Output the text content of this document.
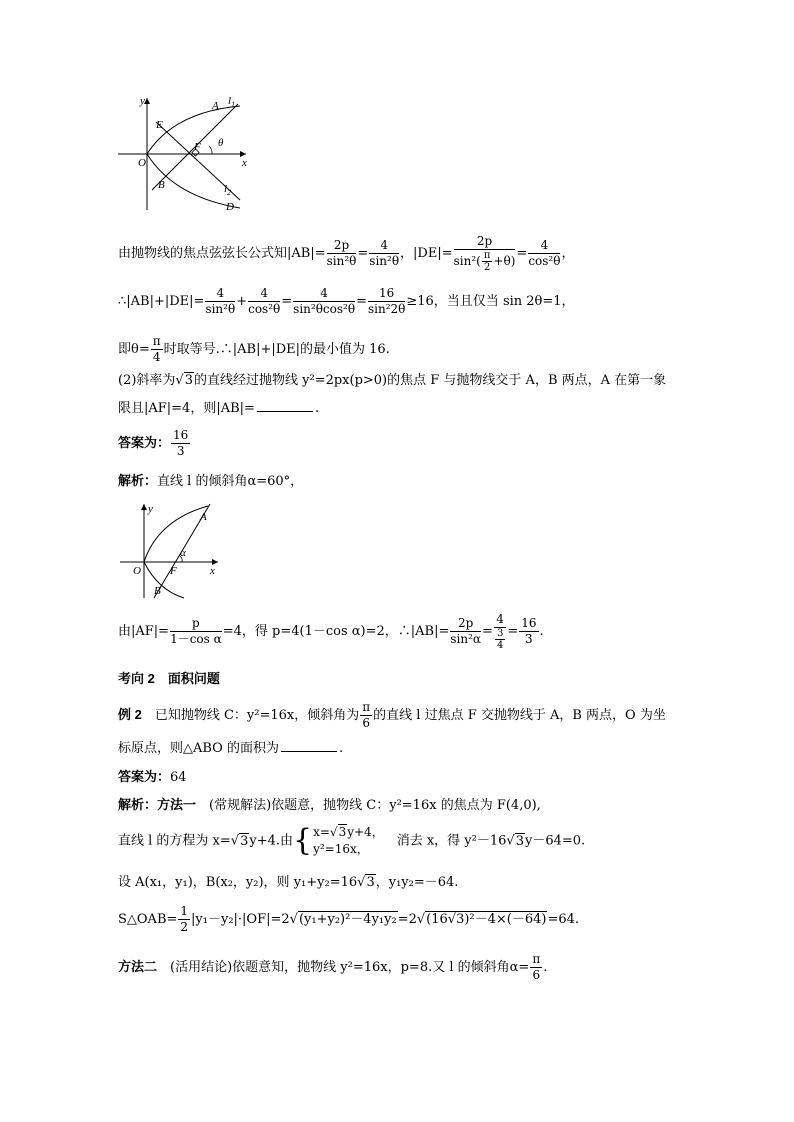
y
x
O
A $l_1$
E
F θ
B	$l_2$
D
由抛物线的焦点弦弦长公式知$|AB|= \frac{2p}{\text{sin²θ}} = \frac{4}{\text{sin²θ}}$ ，$|DE|= \frac{2p}{\sin^2( \frac{\pi}{2} +\theta)} = \frac{4}{\text{cos²θ}}$ ，
∴|AB|+|DE|= $\frac{4}{\text{sin²θ}} + \frac{4}{\text{cos²θ}} = \frac{4}{\text{sin²θcos²θ}} = \frac{16}{\text{sin²2θ}} \ge 16$，当且仅当 sin 2θ=1，
即$\theta= \frac{\pi}{4}$ 时取等号.∴|AB|+|DE|的最小值为 16.
(2)斜率为√3的直线经过抛物线 y²=2px(p>0)的焦点 F 与抛物线交于 A，B 两点，A 在第一象
限且|AF|=4，则|AB|=	.
答案为： $\frac{16}{3}$
解析：直线 l 的倾斜角α=60°，
y
x
O
A
F
α
B
由$|AF|= \frac{p}{\text{1－cos α}} =4$，得 p=4(1－cos α)=2，∴|AB|= $\frac{2p}{\text{sin²α}} = 4$
3
$4 = \frac{16}{3}$ .
考向 2　面积问题
例 2　已知抛物线 C：y²=16x，倾斜角为 $\frac{\pi}{6}$ 的直线 l 过焦点 F 交抛物线于 A，B 两点，O 为坐
标原点，则△ABO 的面积为	.
答案为：64
解析：方法一　(常规解法)依题意，抛物线 C：y²=16x 的焦点为 F(4,0),
直线 l 的方程为 x=√3y+4.由{ x=√3y+4，
y²=16x，
　消去 x，得 y²－16√3y－64=0.
设 A(x₁，y₁)，B(x₂，y₂)，则 y₁+y₂=16√3，y₁y₂=－64.
S△OAB= $\frac{1}{2} |y_1-y_2|\cdot|OF|=2√(y_1+y_2)^2-4y_1y_2=2√(16√3)^2-4\times(-64)=64$.
方法二　(活用结论)依题意知，抛物线 y²=16x，p=8.又 l 的倾斜角$\alpha= \frac{\pi}{6}$ .
